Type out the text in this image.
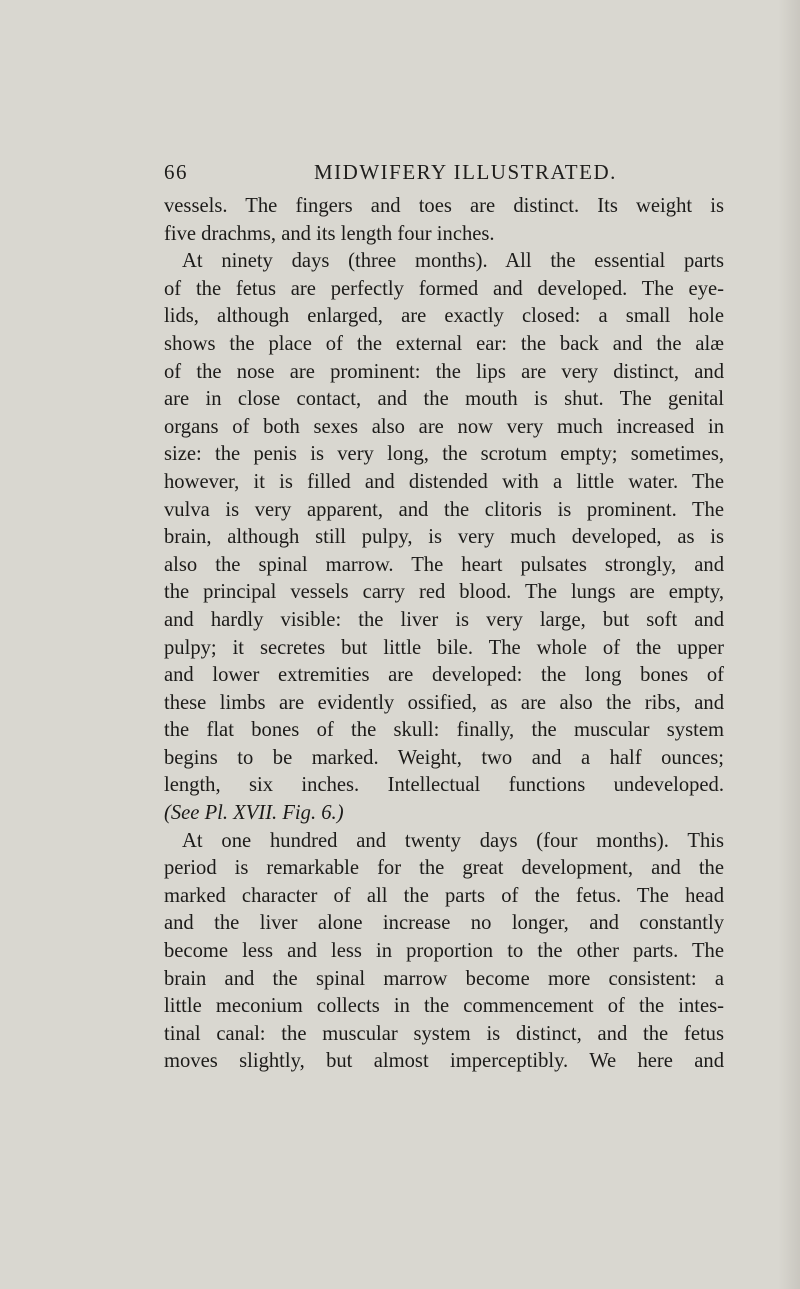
66	MIDWIFERY ILLUSTRATED.

vessels. The fingers and toes are distinct. Its weight is

five drachms, and its length four inches.

At ninety days (three months). All the essential parts

of the fetus are perfectly formed and developed. The eye-

lids, although enlarged, are exactly closed: a small hole

shows the place of the external ear: the back and the alæ

of the nose are prominent: the lips are very distinct, and

are in close contact, and the mouth is shut. The genital

organs of both sexes also are now very much increased in

size: the penis is very long, the scrotum empty; sometimes,

however, it is filled and distended with a little water. The

vulva is very apparent, and the clitoris is prominent. The

brain, although still pulpy, is very much developed, as is

also the spinal marrow. The heart pulsates strongly, and

the principal vessels carry red blood. The lungs are empty,

and hardly visible: the liver is very large, but soft and

pulpy; it secretes but little bile. The whole of the upper

and lower extremities are developed: the long bones of

these limbs are evidently ossified, as are also the ribs, and

the flat bones of the skull: finally, the muscular system

begins to be marked. Weight, two and a half ounces;

length, six inches. Intellectual functions undeveloped.

(See Pl. XVII. Fig. 6.)

At one hundred and twenty days (four months). This

period is remarkable for the great development, and the

marked character of all the parts of the fetus. The head

and the liver alone increase no longer, and constantly

become less and less in proportion to the other parts. The

brain and the spinal marrow become more consistent: a

little meconium collects in the commencement of the intes-

tinal canal: the muscular system is distinct, and the fetus

moves slightly, but almost imperceptibly. We here and
